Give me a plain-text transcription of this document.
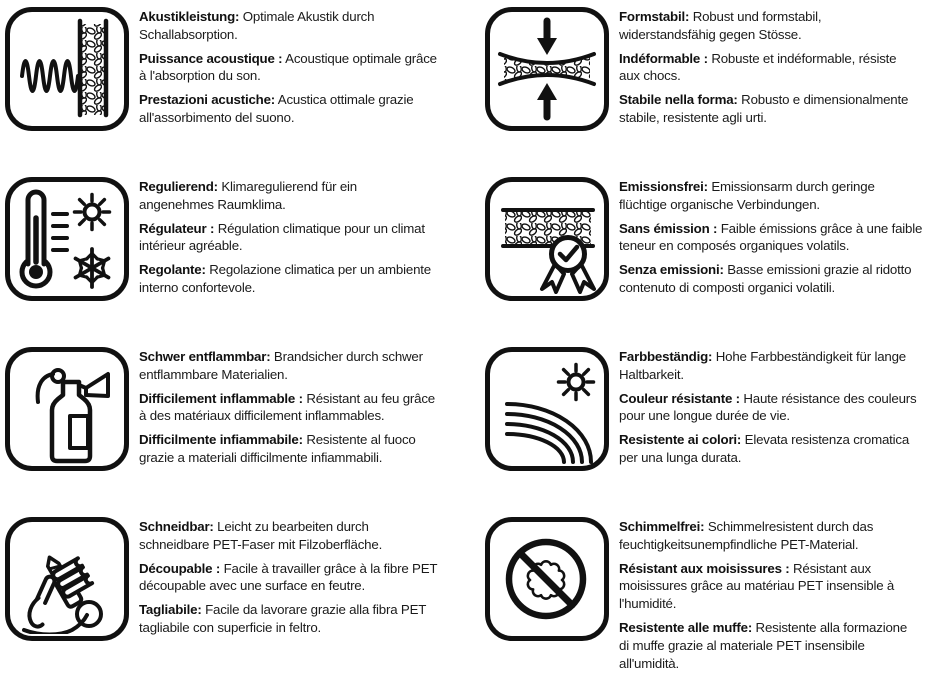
Akustikleistung: Optimale Akustik durch
Schallabsorption.

Puissance acoustique : Acoustique optimale grâce
à l'absorption du son.

Prestazioni acustiche: Acustica ottimale grazie
all'assorbimento del suono.

Formstabil: Robust und formstabil,
widerstandsfähig gegen Stösse.

Indéformable : Robuste et indéformable, résiste
aux chocs.

Stabile nella forma: Robusto e dimensionalmente
stabile, resistente agli urti.

Regulierend: Klimaregulierend für ein
angenehmes Raumklima.

Régulateur : Régulation climatique pour un climat
intérieur agréable.

Regolante: Regolazione climatica per un ambiente
interno confortevole.

Emissionsfrei: Emissionsarm durch geringe
flüchtige organische Verbindungen.

Sans émission : Faible émissions grâce à une faible
teneur en composés organiques volatils.

Senza emissioni: Basse emissioni grazie al ridotto
contenuto di composti organici volatili.

Schwer entflammbar: Brandsicher durch schwer
entflammbare Materialien.

Difficilement inflammable : Résistant au feu grâce
à des matériaux difficilement inflammables.

Difficilmente infiammabile: Resistente al fuoco
grazie a materiali difficilmente infiammabili.

Farbbeständig: Hohe Farbbeständigkeit für lange
Haltbarkeit.

Couleur résistante : Haute résistance des couleurs
pour une longue durée de vie.

Resistente ai colori: Elevata resistenza cromatica
per una lunga durata.

Schneidbar: Leicht zu bearbeiten durch
schneidbare PET-Faser mit Filzoberfläche.

Découpable : Facile à travailler grâce à la fibre PET
découpable avec une surface en feutre.

Tagliabile: Facile da lavorare grazie alla fibra PET
tagliabile con superficie in feltro.

Schimmelfrei: Schimmelresistent durch das
feuchtigkeitsunempfindliche PET-Material.

Résistant aux moisissures : Résistant aux
moisissures grâce au matériau PET insensible à
l'humidité.

Resistente alle muffe: Resistente alla formazione
di muffe grazie al materiale PET insensibile
all'umidità.
